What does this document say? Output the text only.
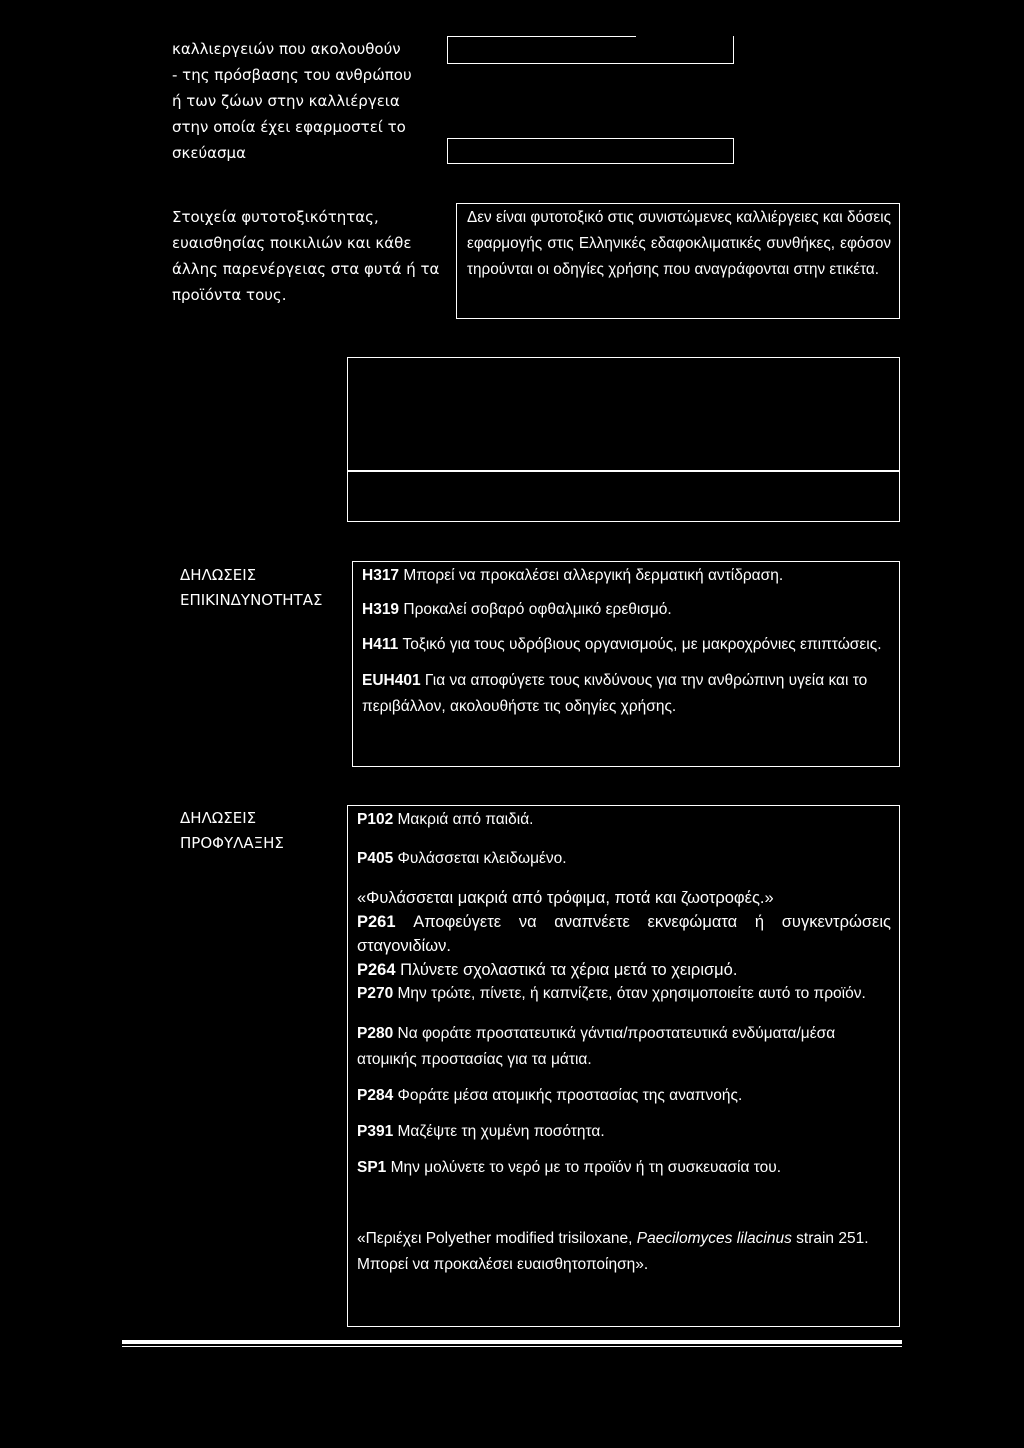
καλλιεργειών που ακολουθούν
- της πρόσβασης του ανθρώπου
ή των ζώων στην καλλιέργεια
στην οποία έχει εφαρμοστεί το
σκεύασμα
Στοιχεία φυτοτοξικότητας,
ευαισθησίας ποικιλιών και κάθε
άλλης παρενέργειας στα φυτά ή τα
προϊόντα τους.
Δεν είναι φυτοτοξικό στις συνιστώμενες καλλιέργειες και δόσεις εφαρμογής στις Ελληνικές εδαφοκλιματικές συνθήκες, εφόσον τηρούνται οι οδηγίες χρήσης που αναγράφονται στην ετικέτα.
ΔΗΛΩΣΕΙΣ
ΕΠΙΚΙΝΔΥΝΟΤΗΤΑΣ
H317 Μπορεί να προκαλέσει αλλεργική δερματική αντίδραση.
H319 Προκαλεί σοβαρό οφθαλμικό ερεθισμό.
H411 Τοξικό για τους υδρόβιους οργανισμούς, με μακροχρόνιες επιπτώσεις.
EUH401 Για να αποφύγετε τους κινδύνους για την ανθρώπινη υγεία και το περιβάλλον, ακολουθήστε τις οδηγίες χρήσης.
ΔΗΛΩΣΕΙΣ
ΠΡΟΦΥΛΑΞΗΣ
P102 Μακριά από παιδιά.
P405 Φυλάσσεται κλειδωμένο.
«Φυλάσσεται μακριά από τρόφιμα, ποτά και ζωοτροφές.»
P261 Αποφεύγετε να αναπνέετε εκνεφώματα ή συγκεντρώσεις σταγονιδίων.
P264 Πλύνετε σχολαστικά τα χέρια μετά το χειρισμό.
P270 Μην τρώτε, πίνετε, ή καπνίζετε, όταν χρησιμοποιείτε αυτό το προϊόν.
P280 Να φοράτε προστατευτικά γάντια/προστατευτικά ενδύματα/μέσα ατομικής προστασίας για τα μάτια.
P284 Φοράτε μέσα ατομικής προστασίας της αναπνοής.
P391 Μαζέψτε τη χυμένη ποσότητα.
SP1 Μην μολύνετε το νερό με το προϊόν ή τη συσκευασία του.
«Περιέχει Polyether modified trisiloxane, Paecilomyces lilacinus strain 251. Μπορεί να προκαλέσει ευαισθητοποίηση».
